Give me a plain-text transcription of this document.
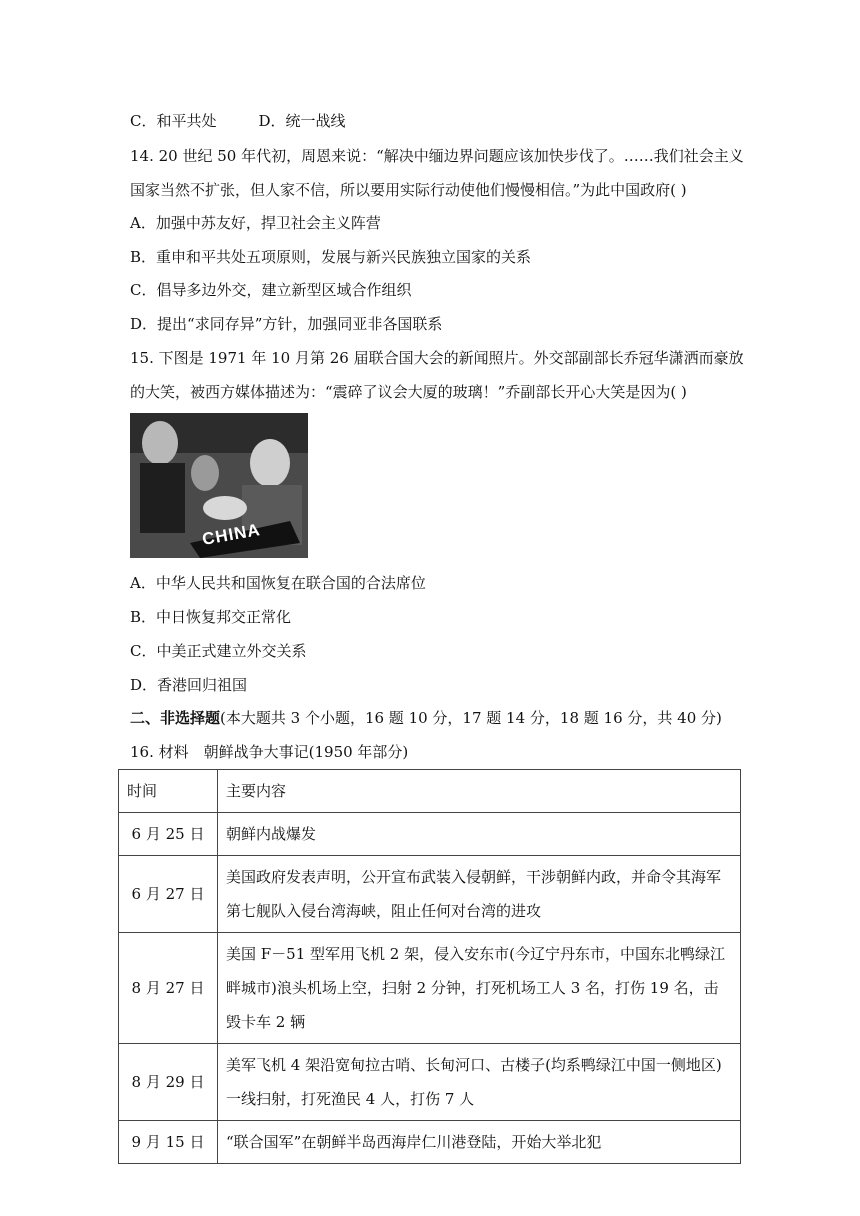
C．和平共处	D．统一战线
14. 20 世纪 50 年代初，周恩来说：“解决中缅边界问题应该加快步伐了。……我们社会主义
国家当然不扩张，但人家不信，所以要用实际行动使他们慢慢相信。”为此中国政府( )
A．加强中苏友好，捍卫社会主义阵营
B．重申和平共处五项原则，发展与新兴民族独立国家的关系
C．倡导多边外交，建立新型区域合作组织
D．提出“求同存异”方针，加强同亚非各国联系
15. 下图是 1971 年 10 月第 26 届联合国大会的新闻照片。外交部副部长乔冠华潇洒而豪放
的大笑，被西方媒体描述为：“震碎了议会大厦的玻璃！”乔副部长开心大笑是因为( )
CHINA
A．中华人民共和国恢复在联合国的合法席位
B．中日恢复邦交正常化
C．中美正式建立外交关系
D．香港回归祖国
二、非选择题(本大题共 3 个小题，16 题 10 分，17 题 14 分，18 题 16 分，共 40 分)
16. 材料　朝鲜战争大事记(1950 年部分)
时间	主要内容
6 月 25 日	朝鲜内战爆发
6 月 27 日	美国政府发表声明，公开宣布武装入侵朝鲜，干涉朝鲜内政，并命令其海军第七舰队入侵台湾海峡，阻止任何对台湾的进攻
8 月 27 日	美国 F－51 型军用飞机 2 架，侵入安东市(今辽宁丹东市，中国东北鸭绿江畔城市)浪头机场上空，扫射 2 分钟，打死机场工人 3 名，打伤 19 名，击毁卡车 2 辆
8 月 29 日	美军飞机 4 架沿宽甸拉古哨、长甸河口、古楼子(均系鸭绿江中国一侧地区)一线扫射，打死渔民 4 人，打伤 7 人
9 月 15 日	“联合国军”在朝鲜半岛西海岸仁川港登陆，开始大举北犯
